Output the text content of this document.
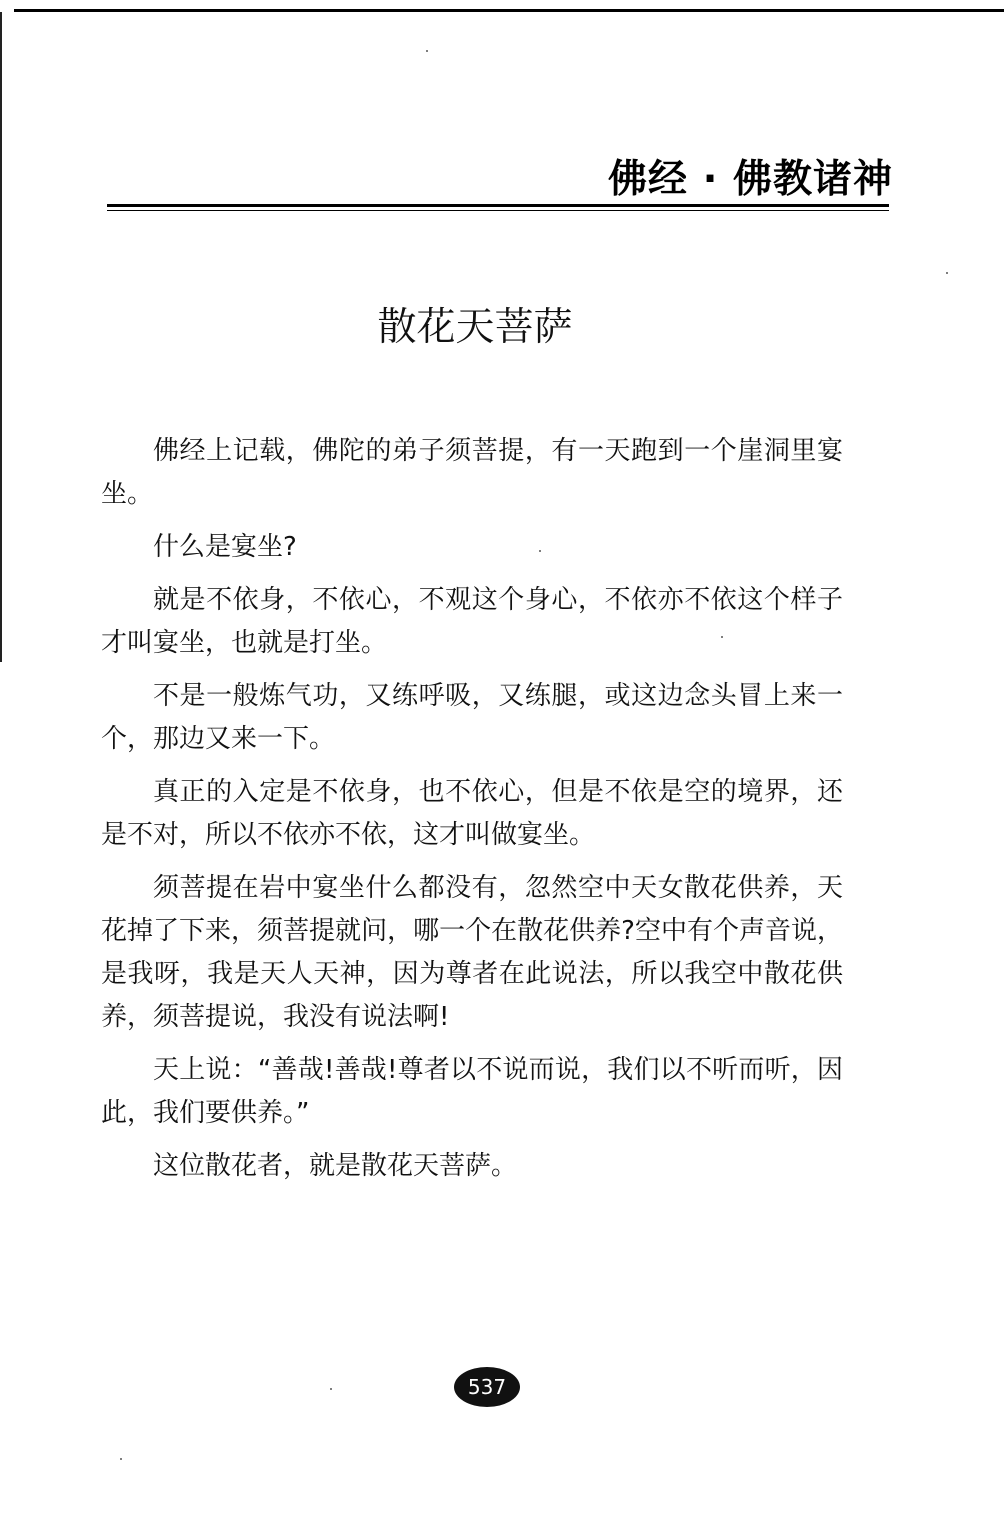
佛经 · 佛教诸神
散花天菩萨

佛经上记载，佛陀的弟子须菩提，有一天跑到一个崖洞里宴坐。

什么是宴坐?

就是不依身，不依心，不观这个身心，不依亦不依这个样子才叫宴坐，也就是打坐。

不是一般炼气功，又练呼吸，又练腿，或这边念头冒上来一个，那边又来一下。

真正的入定是不依身，也不依心，但是不依是空的境界，还是不对，所以不依亦不依，这才叫做宴坐。

须菩提在岩中宴坐什么都没有，忽然空中天女散花供养，天花掉了下来，须菩提就问，哪一个在散花供养?空中有个声音说，是我呀，我是天人天神，因为尊者在此说法，所以我空中散花供养，须菩提说，我没有说法啊!

天上说：“善哉!善哉!尊者以不说而说，我们以不听而听，因此，我们要供养。”

这位散花者，就是散花天菩萨。

537
